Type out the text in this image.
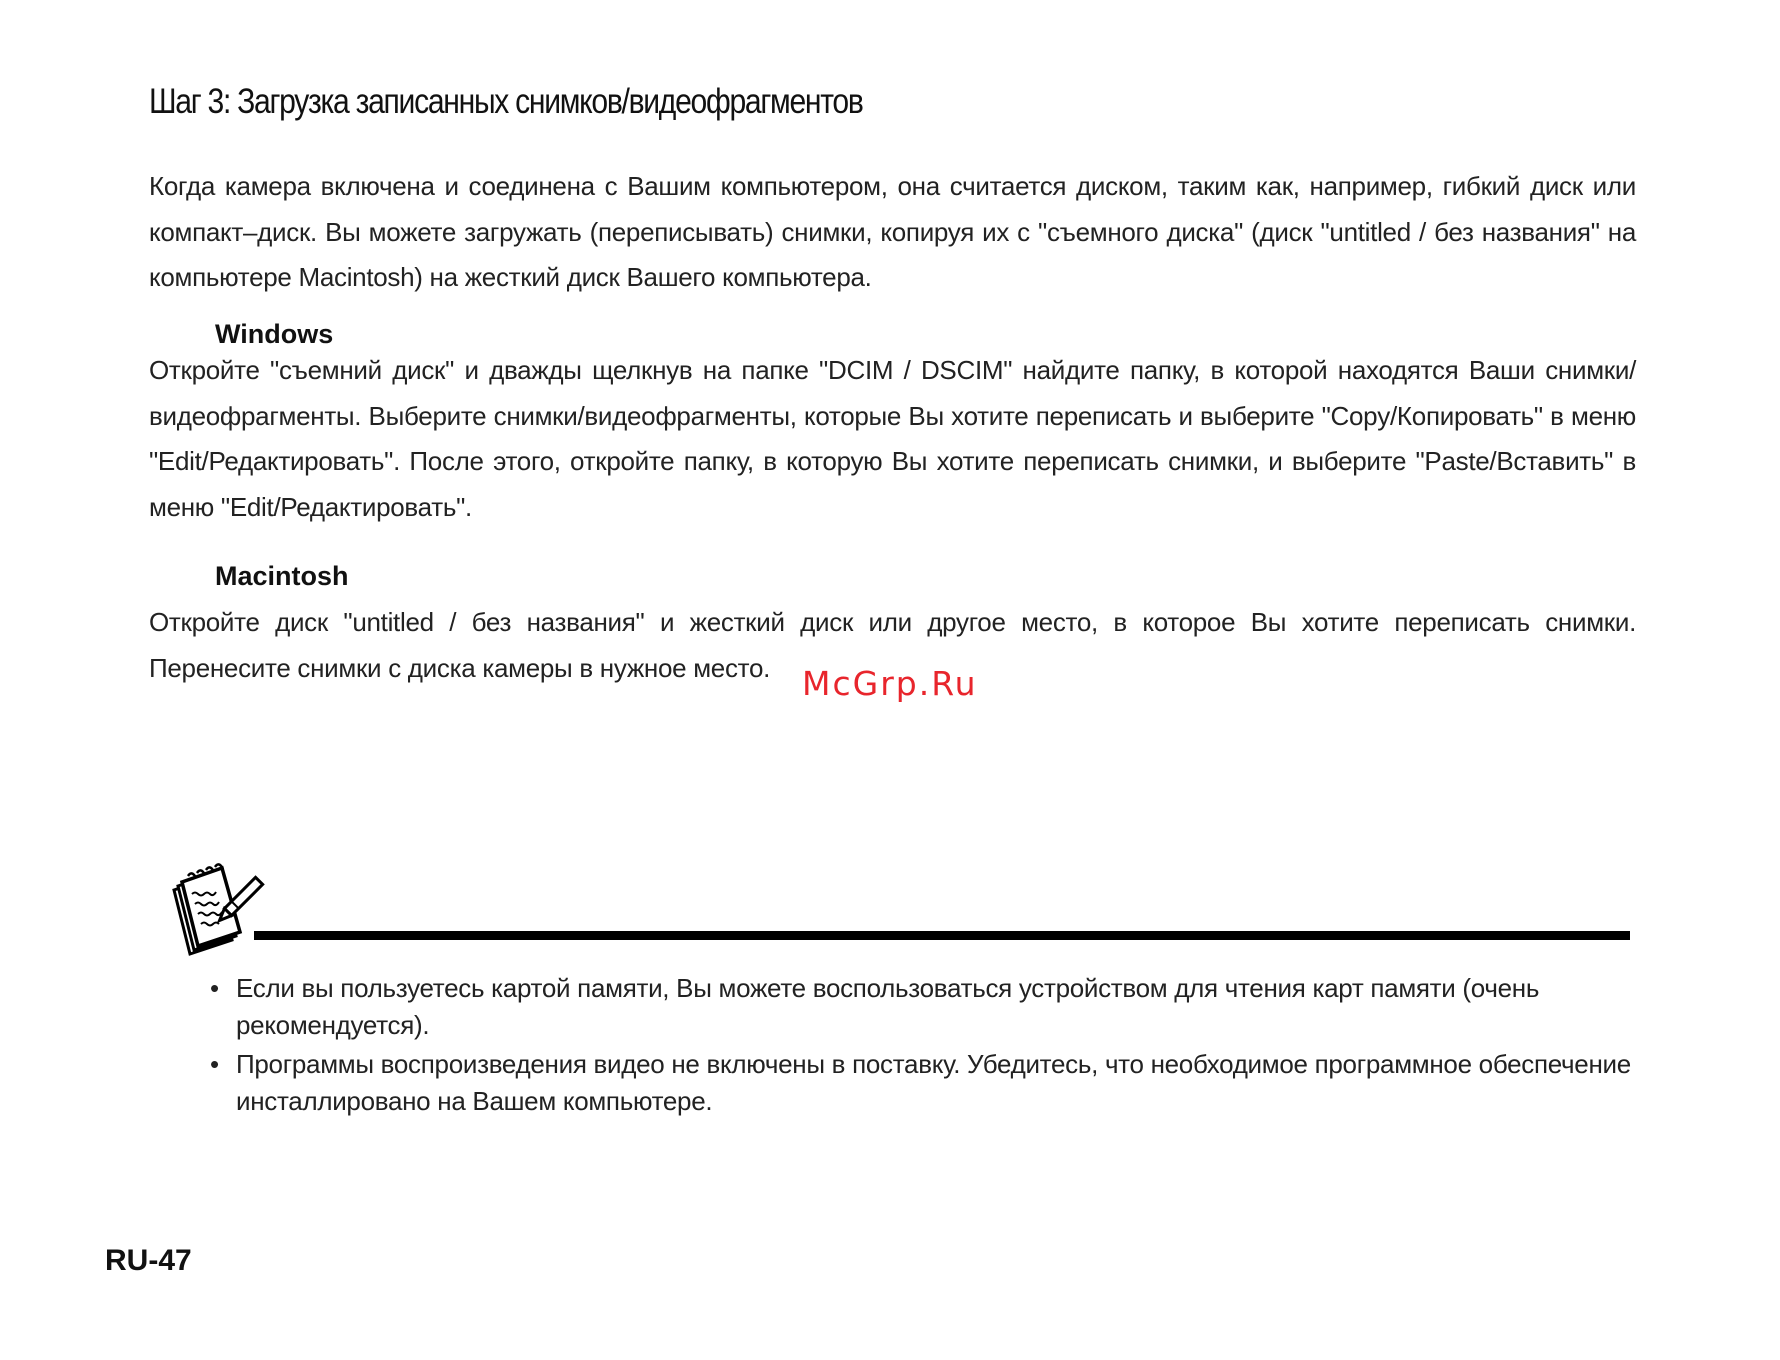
Шаг 3: Загрузка записанных снимков/видеофрагментов

Когда камера включена и соединена с Вашим компьютером, она считается диском, таким как, например, гибкий диск или компакт–диск. Вы можете загружать (переписывать) снимки, копируя их с "съемного диска" (диск "untitled / без названия" на компьютере Macintosh) на жесткий диск Вашего компьютера.

Windows

Откройте "съемний диск" и дважды щелкнув на папке "DCIM / DSCIM" найдите папку, в которой находятся Ваши снимки/видеофрагменты. Выберите снимки/видеофрагменты, которые Вы хотите переписать и выберите "Copy/Копировать" в меню "Edit/Редактировать". После этого, откройте папку, в которую Вы хотите переписать снимки, и выберите "Paste/Вставить" в меню "Edit/Редактировать".

Macintosh

Откройте диск "untitled / без названия" и жесткий диск или другое место, в которое Вы хотите переписать снимки. Перенесите снимки с диска камеры в нужное место. McGrp.Ru
• Если вы пользуетесь картой памяти, Вы можете воспользоваться устройством для чтения карт памяти (очень рекомендуется).
• Программы воспроизведения видео не включены в поставку. Убедитесь, что необходимое программное обеспечение инсталлировано на Вашем компьютере.
RU-47
